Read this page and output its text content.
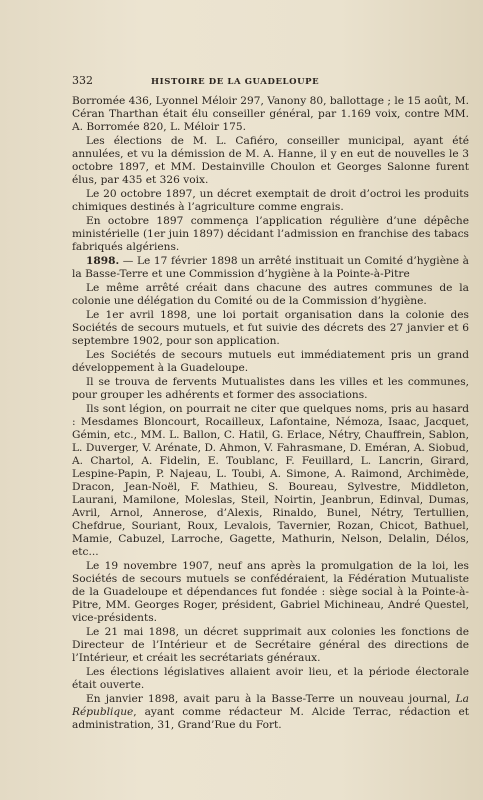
332	HISTOIRE DE LA GUADELOUPE

Borromée 436, Lyonnel Méloir 297, Vanony 80, ballottage ; le 15 août, M. Céran Tharthan était élu conseiller général, par 1.169 voix, contre MM. A. Borromée 820, L. Méloir 175.

Les élections de M. L. Cafiéro, conseiller municipal, ayant été annulées, et vu la démission de M. A. Hanne, il y en eut de nouvelles le 3 octobre 1897, et MM. Destainville Choulon et Georges Salonne furent élus, par 435 et 326 voix.

Le 20 octobre 1897, un décret exemptait de droit d’octroi les produits chimiques destinés à l’agriculture comme engrais.

En octobre 1897 commença l’application régulière d’une dépêche ministérielle (1er juin 1897) décidant l’admission en franchise des tabacs fabriqués algériens.

1898. — Le 17 février 1898 un arrêté instituait un Comité d’hygiène à la Basse-Terre et une Commission d’hygiène à la Pointe-à-Pitre

Le même arrêté créait dans chacune des autres communes de la colonie une délégation du Comité ou de la Commission d’hygiène.

Le 1er avril 1898, une loi portait organisation dans la colonie des Sociétés de secours mutuels, et fut suivie des décrets des 27 janvier et 6 septembre 1902, pour son application.

Les Sociétés de secours mutuels eut immédiatement pris un grand développement à la Guadeloupe.

Il se trouva de fervents Mutualistes dans les villes et les communes, pour grouper les adhérents et former des associations.

Ils sont légion, on pourrait ne citer que quelques noms, pris au hasard : Mesdames Bloncourt, Rocailleux, Lafontaine, Némoza, Isaac, Jacquet, Gémin, etc., MM. L. Ballon, C. Hatil, G. Erlace, Nétry, Chauffrein, Sablon, L. Duverger, V. Arénate, D. Ahmon, V. Fahrasmane, D. Eméran, A. Siobud, A. Chartol, A. Fidelin, E. Toublanc, F. Feuillard, L. Lancrin, Girard, Lespine-Papin, P. Najeau, L. Toubi, A. Simone, A. Raimond, Archimède, Dracon, Jean-Noël, F. Mathieu, S. Boureau, Sylvestre, Middleton, Laurani, Mamilone, Moleslas, Steil, Noirtin, Jeanbrun, Edinval, Dumas, Avril, Arnol, Annerose, d’Alexis, Rinaldo, Bunel, Nétry, Tertullien, Chefdrue, Souriant, Roux, Levalois, Tavernier, Rozan, Chicot, Bathuel, Mamie, Cabuzel, Larroche, Gagette, Mathurin, Nelson, Delalin, Délos, etc...

Le 19 novembre 1907, neuf ans après la promulgation de la loi, les Sociétés de secours mutuels se confédéraient, la Fédération Mutualiste de la Guadeloupe et dépendances fut fondée : siège social à la Pointe-à-Pitre, MM. Georges Roger, président, Gabriel Michineau, André Questel, vice-présidents.

Le 21 mai 1898, un décret supprimait aux colonies les fonctions de Directeur de l’Intérieur et de Secrétaire général des directions de l’Intérieur, et créait les secrétariats généraux.

Les élections législatives allaient avoir lieu, et la période électorale était ouverte.

En janvier 1898, avait paru à la Basse-Terre un nouveau journal, La République, ayant comme rédacteur M. Alcide Terrac, rédaction et administration, 31, Grand’Rue du Fort.
